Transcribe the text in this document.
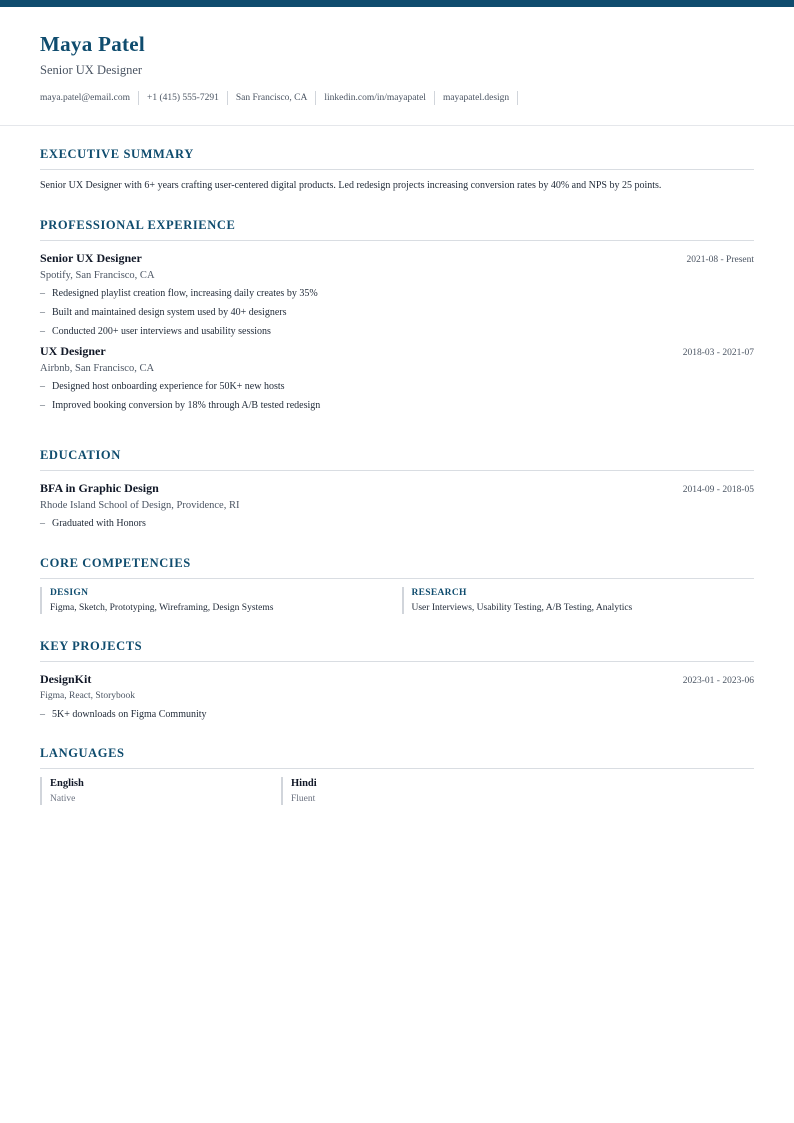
Maya Patel
Senior UX Designer
maya.patel@email.com	+1 (415) 555-7291	San Francisco, CA	linkedin.com/in/mayapatel	mayapatel.design
EXECUTIVE SUMMARY
Senior UX Designer with 6+ years crafting user-centered digital products. Led redesign projects increasing conversion rates by 40% and NPS by 25 points.
PROFESSIONAL EXPERIENCE
Senior UX Designer	2021-08 - Present
Spotify, San Francisco, CA
– Redesigned playlist creation flow, increasing daily creates by 35%
– Built and maintained design system used by 40+ designers
– Conducted 200+ user interviews and usability sessions
UX Designer	2018-03 - 2021-07
Airbnb, San Francisco, CA
– Designed host onboarding experience for 50K+ new hosts
– Improved booking conversion by 18% through A/B tested redesign
EDUCATION
BFA in Graphic Design	2014-09 - 2018-05
Rhode Island School of Design, Providence, RI
– Graduated with Honors
CORE COMPETENCIES
DESIGN
Figma, Sketch, Prototyping, Wireframing, Design Systems
RESEARCH
User Interviews, Usability Testing, A/B Testing, Analytics
KEY PROJECTS
DesignKit	2023-01 - 2023-06
Figma, React, Storybook
– 5K+ downloads on Figma Community
LANGUAGES
English
Native
Hindi
Fluent
